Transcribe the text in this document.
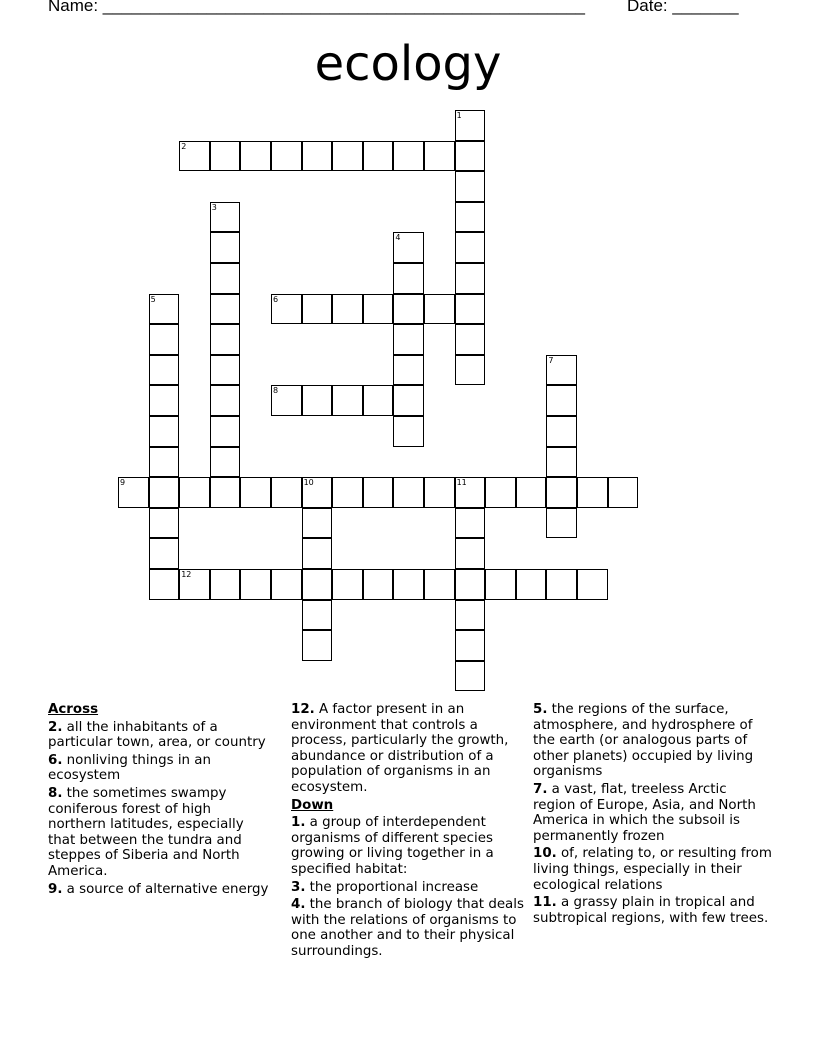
Name: ___________________________________________________ Date: _______
ecology
2
6
8
9	10	11
12
1
3
4
5
7
Across
2. all the inhabitants of a particular town, area, or country
6. nonliving things in an ecosystem
8. the sometimes swampy coniferous forest of high northern latitudes, especially that between the tundra and steppes of Siberia and North America.
9. a source of alternative energy
12. A factor present in an environment that controls a process, particularly the growth, abundance or distribution of a population of organisms in an ecosystem.
Down
1. a group of interdependent organisms of different species growing or living together in a specified habitat:
3. the proportional increase
4. the branch of biology that deals with the relations of organisms to one another and to their physical surroundings.
5. the regions of the surface, atmosphere, and hydrosphere of the earth (or analogous parts of other planets) occupied by living organisms
7. a vast, flat, treeless Arctic region of Europe, Asia, and North America in which the subsoil is permanently frozen
10. of, relating to, or resulting from living things, especially in their ecological relations
11. a grassy plain in tropical and subtropical regions, with few trees.
